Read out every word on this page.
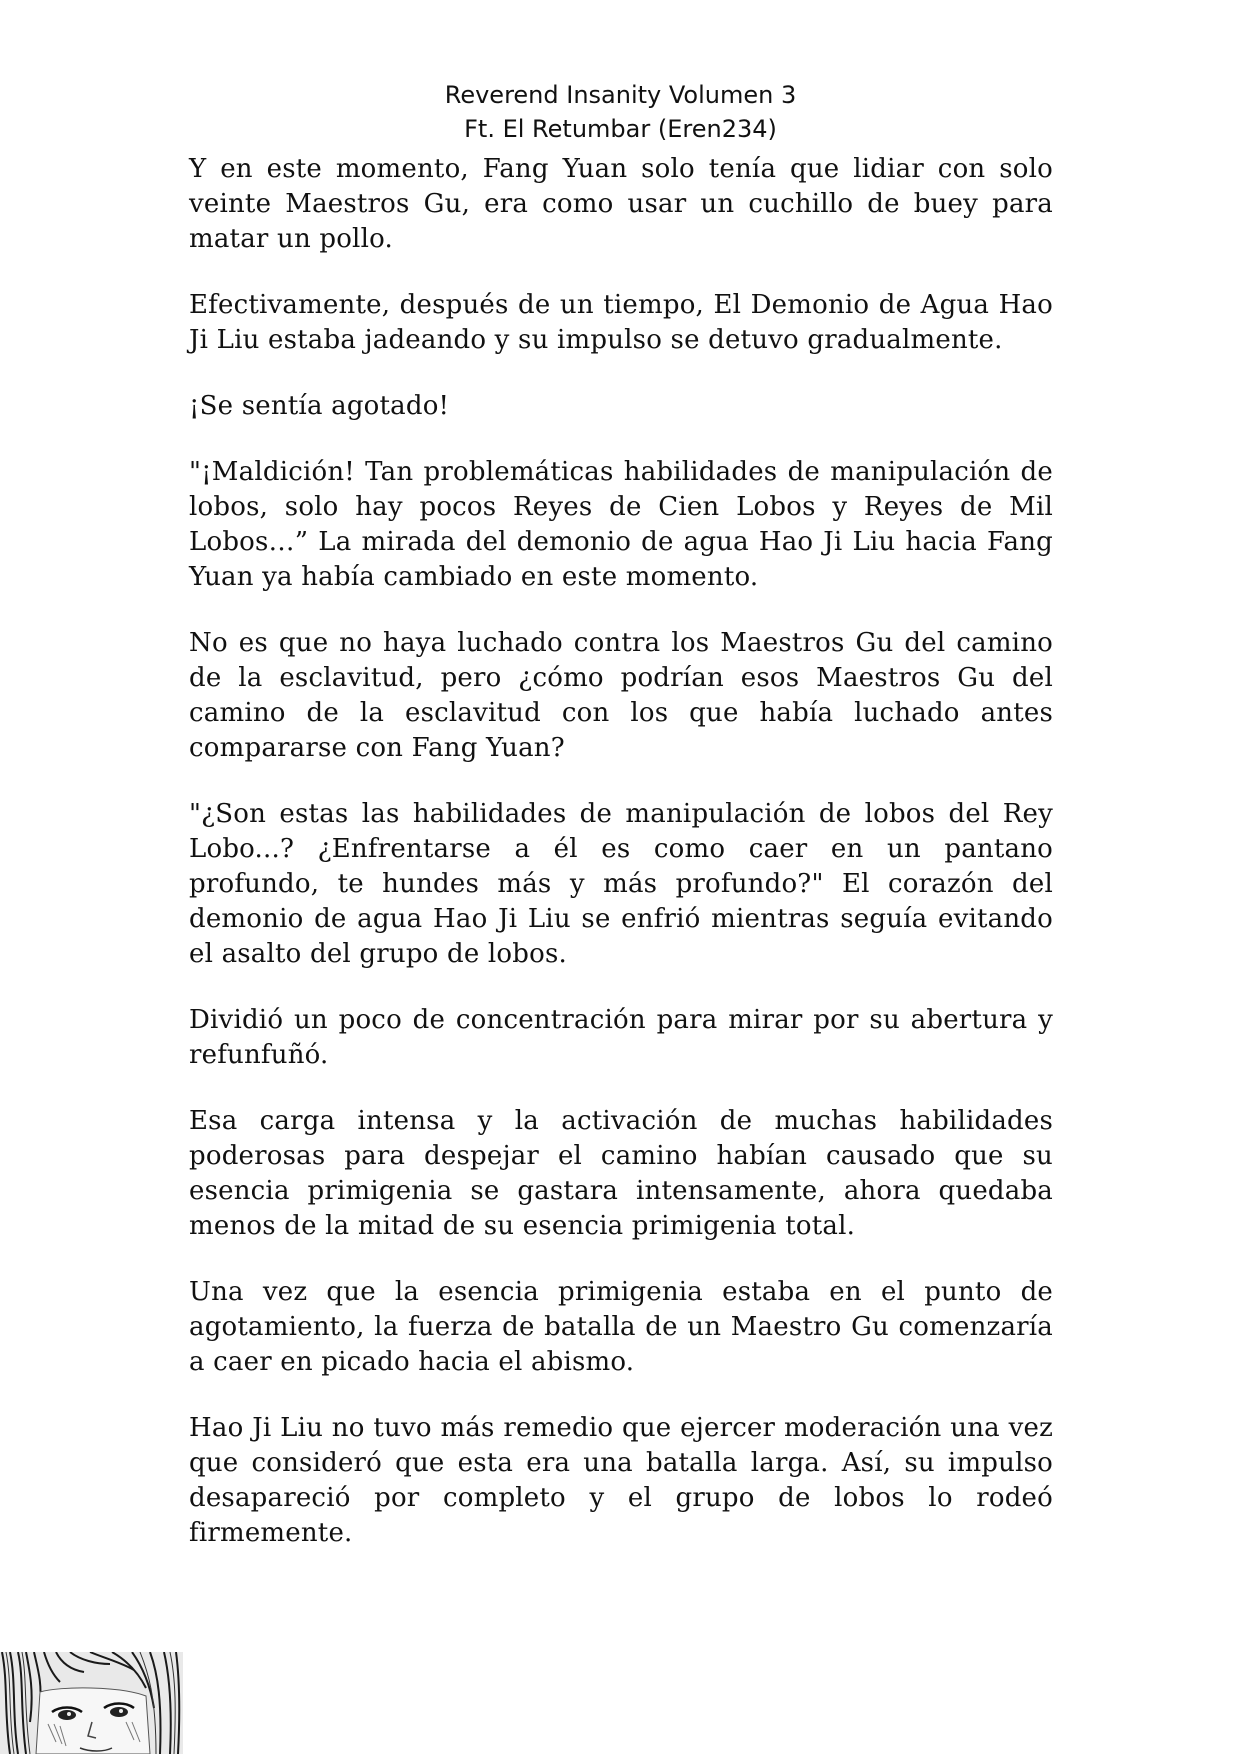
Reverend Insanity Volumen 3
Ft. El Retumbar (Eren234)

Y en este momento, Fang Yuan solo tenía que lidiar con solo veinte Maestros Gu, era como usar un cuchillo de buey para matar un pollo.

Efectivamente, después de un tiempo, El Demonio de Agua Hao Ji Liu estaba jadeando y su impulso se detuvo gradualmente.

¡Se sentía agotado!

"¡Maldición! Tan problemáticas habilidades de manipulación de lobos, solo hay pocos Reyes de Cien Lobos y Reyes de Mil Lobos…” La mirada del demonio de agua Hao Ji Liu hacia Fang Yuan ya había cambiado en este momento.

No es que no haya luchado contra los Maestros Gu del camino de la esclavitud, pero ¿cómo podrían esos Maestros Gu del camino de la esclavitud con los que había luchado antes compararse con Fang Yuan?

"¿Son estas las habilidades de manipulación de lobos del Rey Lobo...? ¿Enfrentarse a él es como caer en un pantano profundo, te hundes más y más profundo?" El corazón del demonio de agua Hao Ji Liu se enfrió mientras seguía evitando el asalto del grupo de lobos.

Dividió un poco de concentración para mirar por su abertura y refunfuñó.

Esa carga intensa y la activación de muchas habilidades poderosas para despejar el camino habían causado que su esencia primigenia se gastara intensamente, ahora quedaba menos de la mitad de su esencia primigenia total.

Una vez que la esencia primigenia estaba en el punto de agotamiento, la fuerza de batalla de un Maestro Gu comenzaría a caer en picado hacia el abismo.

Hao Ji Liu no tuvo más remedio que ejercer moderación una vez que consideró que esta era una batalla larga. Así, su impulso desapareció por completo y el grupo de lobos lo rodeó firmemente.
